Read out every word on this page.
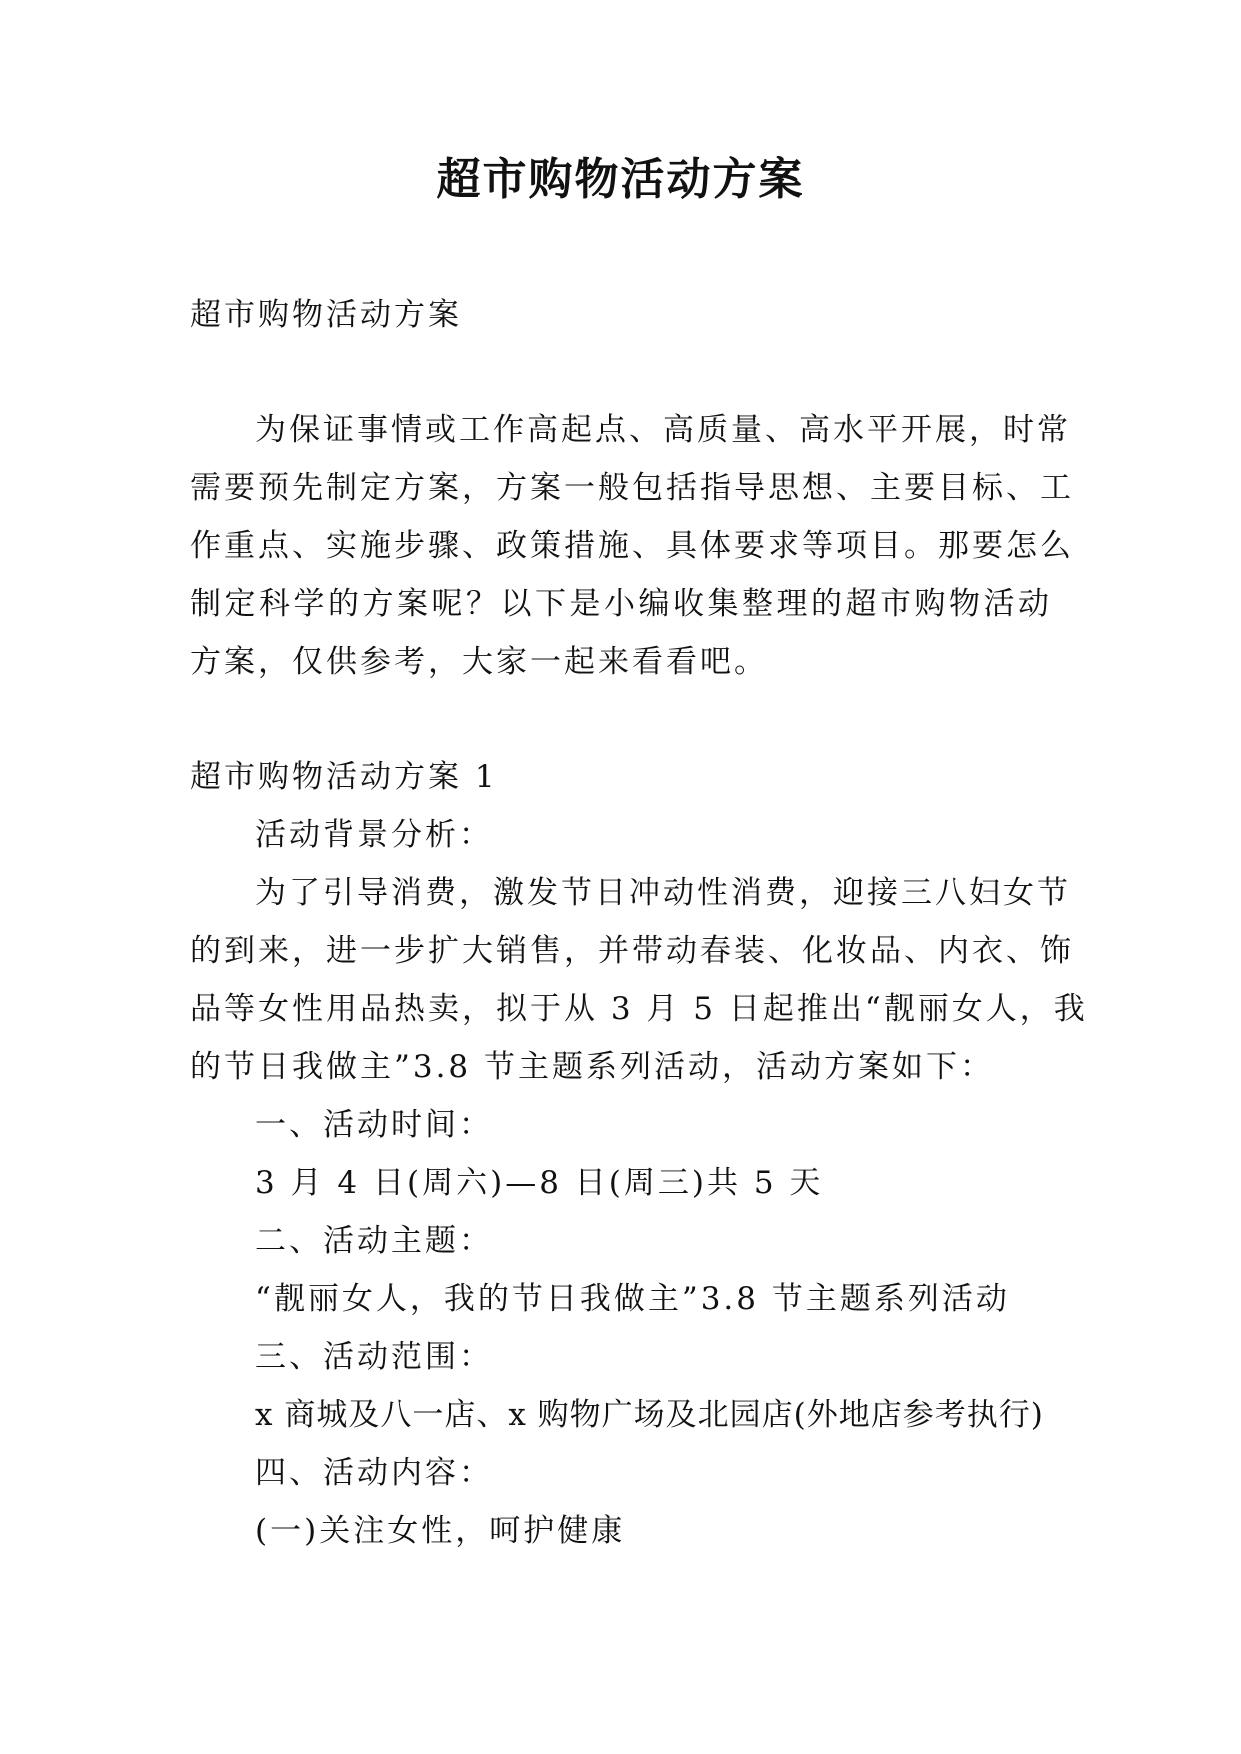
超市购物活动方案

超市购物活动方案

为保证事情或工作高起点、高质量、高水平开展，时常

需要预先制定方案，方案一般包括指导思想、主要目标、工

作重点、实施步骤、政策措施、具体要求等项目。那要怎么

制定科学的方案呢？以下是小编收集整理的超市购物活动

方案，仅供参考，大家一起来看看吧。

超市购物活动方案 1

活动背景分析：

为了引导消费，激发节日冲动性消费，迎接三八妇女节

的到来，进一步扩大销售，并带动春装、化妆品、内衣、饰

品等女性用品热卖，拟于从 3 月 5 日起推出“靓丽女人，我

的节日我做主”3.8 节主题系列活动，活动方案如下：

一、活动时间：

3 月 4 日(周六)—8 日(周三)共 5 天

二、活动主题：

“靓丽女人，我的节日我做主”3.8 节主题系列活动

三、活动范围：

x 商城及八一店、x 购物广场及北园店(外地店参考执行)

四、活动内容：

(一)关注女性，呵护健康
